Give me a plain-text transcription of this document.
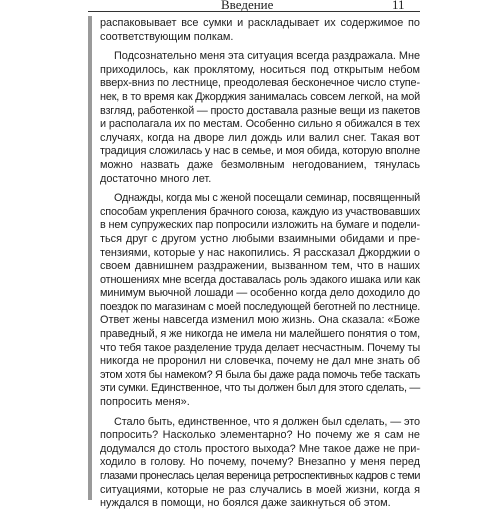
Введение	11
распаковывает все сумки и раскладывает их содержимое по
соответствующим полкам.
Подсознательно меня эта ситуация всегда раздражала. Мне
приходилось, как проклятому, носиться под открытым небом
вверх-вниз по лестнице, преодолевая бесконечное число ступе-
нек, в то время как Джорджия занималась совсем легкой, на мой
взгляд, работенкой — просто доставала разные вещи из пакетов
и располагала их по местам. Особенно сильно я обижался в тех
случаях, когда на дворе лил дождь или валил снег. Такая вот
традиция сложилась у нас в семье, и моя обида, которую вполне
можно назвать даже безмолвным негодованием, тянулась
достаточно много лет.
Однажды, когда мы с женой посещали семинар, посвященный
способам укрепления брачного союза, каждую из участвовавших
в нем супружеских пар попросили изложить на бумаге и подели-
ться друг с другом устно любыми взаимными обидами и пре-
тензиями, которые у нас накопились. Я рассказал Джорджии о
своем давнишнем раздражении, вызванном тем, что в наших
отношениях мне всегда доставалась роль эдакого ишака или как
минимум вьючной лошади — особенно когда дело доходило до
поездок по магазинам с моей последующей беготней по лестнице.
Ответ жены навсегда изменил мою жизнь. Она сказала: «Боже
праведный, я же никогда не имела ни малейшего понятия о том,
что тебя такое разделение труда делает несчастным. Почему ты
никогда не проронил ни словечка, почему не дал мне знать об
этом хотя бы намеком? Я была бы даже рада помочь тебе таскать
эти сумки. Единственное, что ты должен был для этого сделать, —
попросить меня».
Стало быть, единственное, что я должен был сделать, — это
попросить? Насколько элементарно? Но почему же я сам не
додумался до столь простого выхода? Мне такое даже не при-
ходило в голову. Но почему, почему? Внезапно у меня перед
глазами пронеслась целая вереница ретроспективных кадров с теми
ситуациями, которые не раз случались в моей жизни, когда я
нуждался в помощи, но боялся даже заикнуться об этом.
